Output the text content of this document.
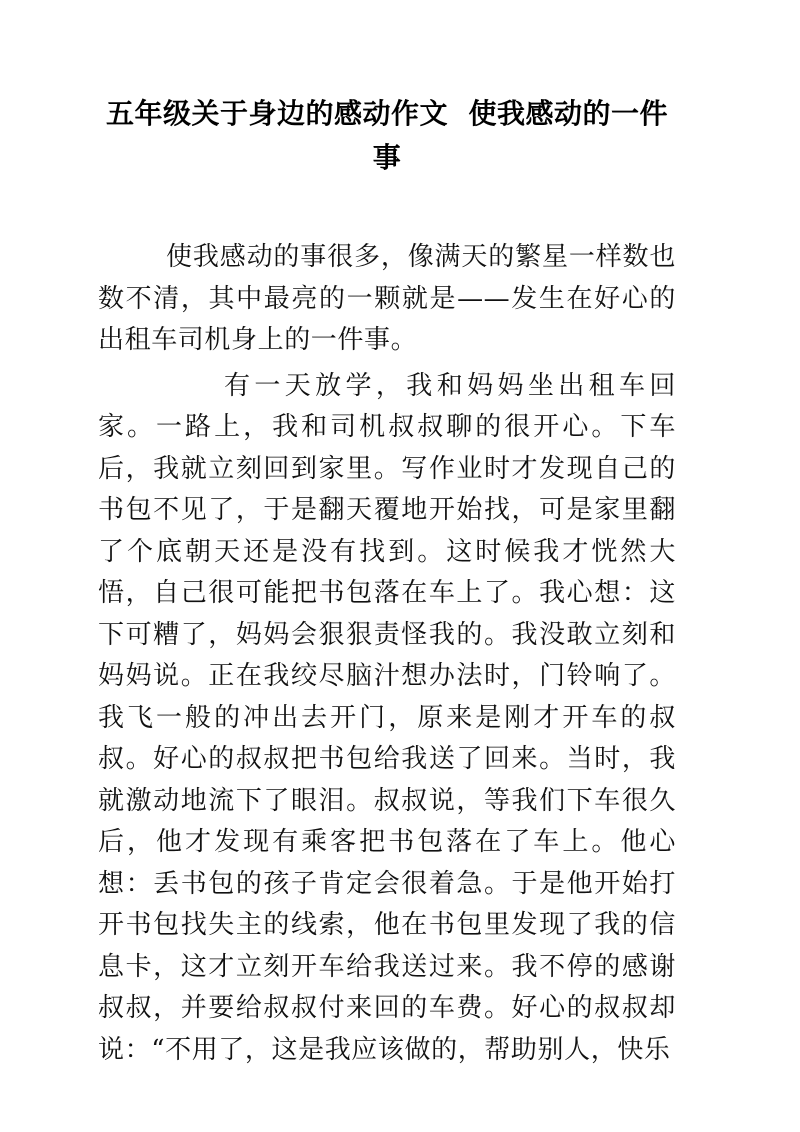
五年级关于身边的感动作文  使我感动的一件事

使我感动的事很多，像满天的繁星一样数也数不清，其中最亮的一颗就是——发生在好心的出租车司机身上的一件事。

有一天放学，我和妈妈坐出租车回家。一路上，我和司机叔叔聊的很开心。下车后，我就立刻回到家里。写作业时才发现自己的书包不见了，于是翻天覆地开始找，可是家里翻了个底朝天还是没有找到。这时候我才恍然大悟，自己很可能把书包落在车上了。我心想：这下可糟了，妈妈会狠狠责怪我的。我没敢立刻和妈妈说。正在我绞尽脑汁想办法时，门铃响了。我飞一般的冲出去开门，原来是刚才开车的叔叔。好心的叔叔把书包给我送了回来。当时，我就激动地流下了眼泪。叔叔说，等我们下车很久后，他才发现有乘客把书包落在了车上。他心想：丢书包的孩子肯定会很着急。于是他开始打开书包找失主的线索，他在书包里发现了我的信息卡，这才立刻开车给我送过来。我不停的感谢叔叔，并要给叔叔付来回的车费。好心的叔叔却说：“不用了，这是我应该做的，帮助别人，快乐
